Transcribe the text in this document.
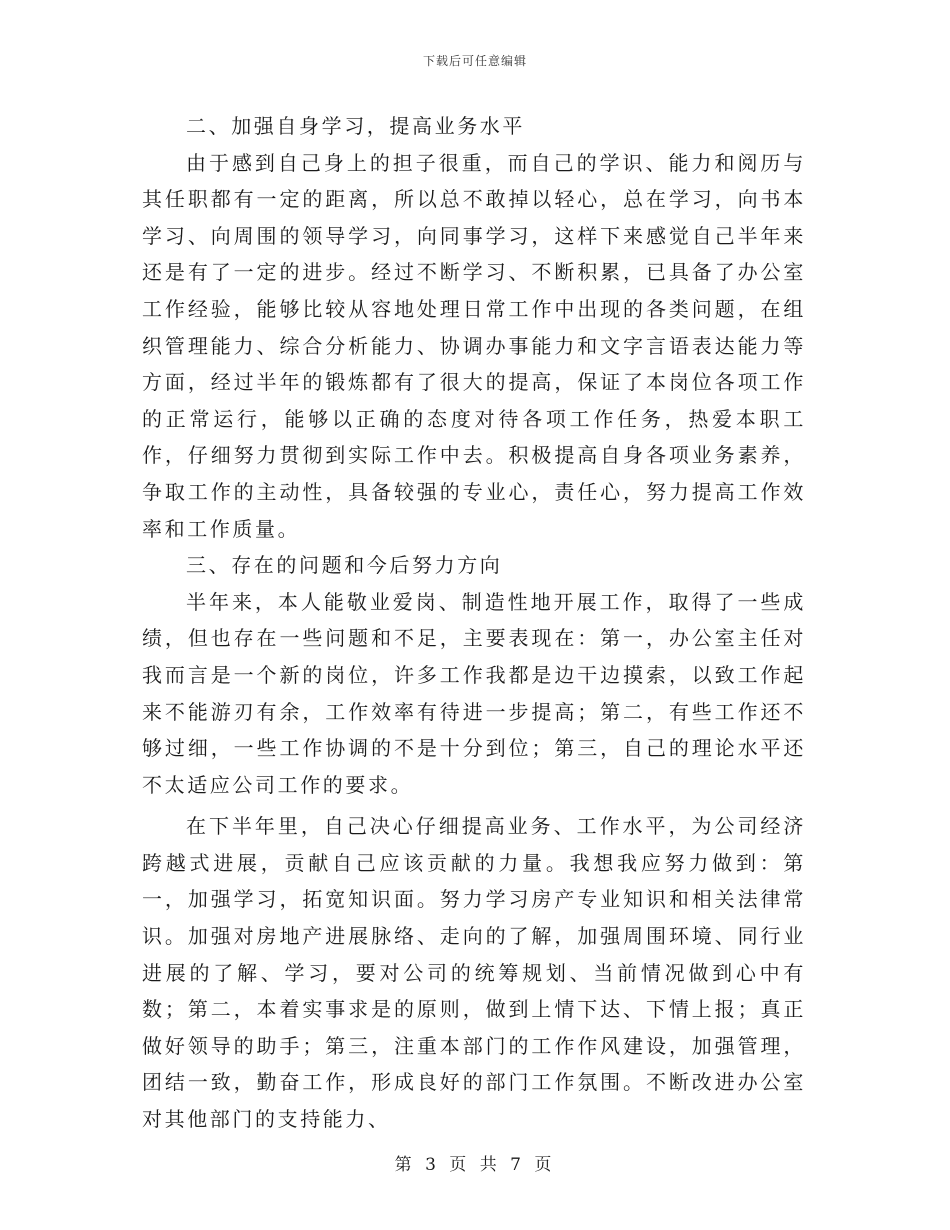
下载后可任意编辑

二、加强自身学习，提高业务水平

由于感到自己身上的担子很重，而自己的学识、能力和阅历与其任职都有一定的距离，所以总不敢掉以轻心，总在学习，向书本学习、向周围的领导学习，向同事学习，这样下来感觉自己半年来还是有了一定的进步。经过不断学习、不断积累，已具备了办公室工作经验，能够比较从容地处理日常工作中出现的各类问题，在组织管理能力、综合分析能力、协调办事能力和文字言语表达能力等方面，经过半年的锻炼都有了很大的提高，保证了本岗位各项工作的正常运行，能够以正确的态度对待各项工作任务，热爱本职工作，仔细努力贯彻到实际工作中去。积极提高自身各项业务素养，争取工作的主动性，具备较强的专业心，责任心，努力提高工作效率和工作质量。

三、存在的问题和今后努力方向

半年来，本人能敬业爱岗、制造性地开展工作，取得了一些成绩，但也存在一些问题和不足，主要表现在：第一，办公室主任对我而言是一个新的岗位，许多工作我都是边干边摸索，以致工作起来不能游刃有余，工作效率有待进一步提高；第二，有些工作还不够过细，一些工作协调的不是十分到位；第三，自己的理论水平还不太适应公司工作的要求。

在下半年里，自己决心仔细提高业务、工作水平，为公司经济跨越式进展，贡献自己应该贡献的力量。我想我应努力做到：第一，加强学习，拓宽知识面。努力学习房产专业知识和相关法律常识。加强对房地产进展脉络、走向的了解，加强周围环境、同行业进展的了解、学习，要对公司的统筹规划、当前情况做到心中有数；第二，本着实事求是的原则，做到上情下达、下情上报；真正做好领导的助手；第三，注重本部门的工作作风建设，加强管理，团结一致，勤奋工作，形成良好的部门工作氛围。不断改进办公室对其他部门的支持能力、

第 3 页 共 7 页
